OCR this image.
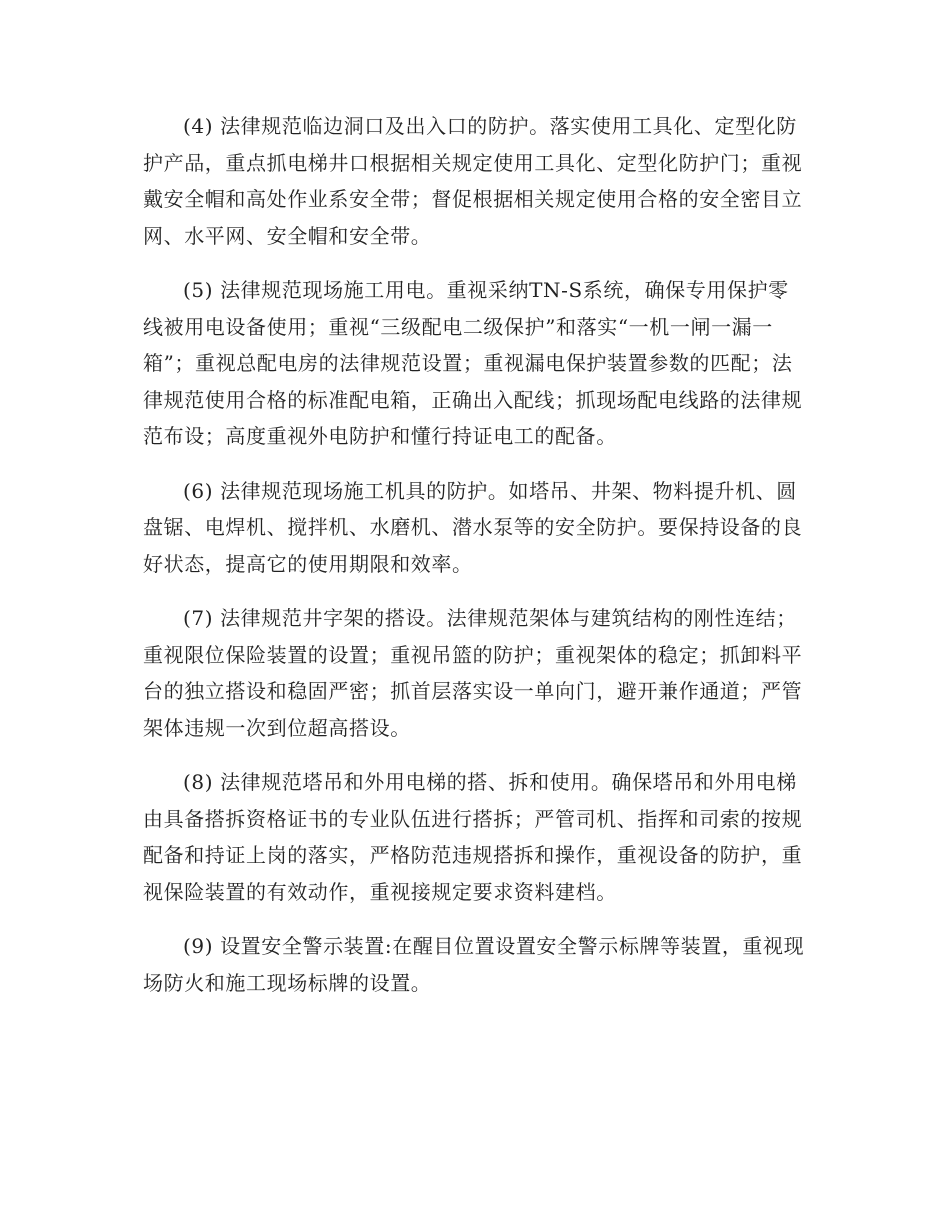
(4) 法律规范临边洞口及出入口的防护。落实使用工具化、定型化防护产品，重点抓电梯井口根据相关规定使用工具化、定型化防护门；重视戴安全帽和高处作业系安全带；督促根据相关规定使用合格的安全密目立网、水平网、安全帽和安全带。

(5) 法律规范现场施工用电。重视采纳TN-S系统，确保专用保护零线被用电设备使用；重视“三级配电二级保护”和落实“一机一闸一漏一箱”；重视总配电房的法律规范设置；重视漏电保护装置参数的匹配；法律规范使用合格的标准配电箱，正确出入配线；抓现场配电线路的法律规范布设；高度重视外电防护和懂行持证电工的配备。

(6) 法律规范现场施工机具的防护。如塔吊、井架、物料提升机、圆盘锯、电焊机、搅拌机、水磨机、潜水泵等的安全防护。要保持设备的良好状态，提高它的使用期限和效率。

(7) 法律规范井字架的搭设。法律规范架体与建筑结构的刚性连结；重视限位保险装置的设置；重视吊篮的防护；重视架体的稳定；抓卸料平台的独立搭设和稳固严密；抓首层落实设一单向门，避开兼作通道；严管架体违规一次到位超高搭设。

(8) 法律规范塔吊和外用电梯的搭、拆和使用。确保塔吊和外用电梯由具备搭拆资格证书的专业队伍进行搭拆；严管司机、指挥和司索的按规配备和持证上岗的落实，严格防范违规搭拆和操作，重视设备的防护，重视保险装置的有效动作，重视接规定要求资料建档。

(9) 设置安全警示装置:在醒目位置设置安全警示标牌等装置，重视现场防火和施工现场标牌的设置。
